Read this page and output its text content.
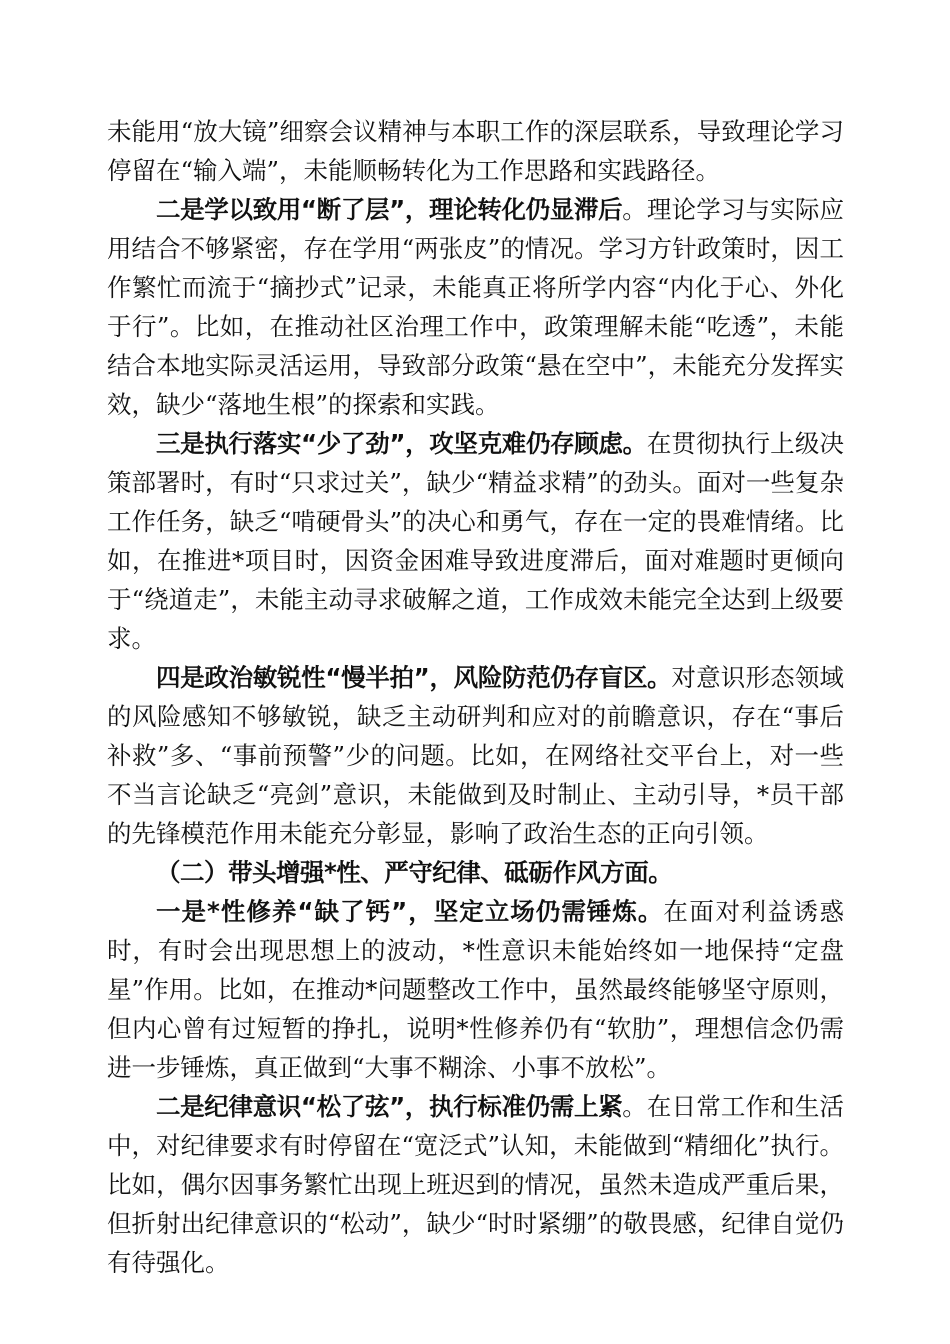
未能用“放大镜”细察会议精神与本职工作的深层联系，导致理论学习停留在“输入端”，未能顺畅转化为工作思路和实践路径。

二是学以致用“断了层”，理论转化仍显滞后。理论学习与实际应用结合不够紧密，存在学用“两张皮”的情况。学习方针政策时，因工作繁忙而流于“摘抄式”记录，未能真正将所学内容“内化于心、外化于行”。比如，在推动社区治理工作中，政策理解未能“吃透”，未能结合本地实际灵活运用，导致部分政策“悬在空中”，未能充分发挥实效，缺少“落地生根”的探索和实践。

三是执行落实“少了劲”，攻坚克难仍存顾虑。在贯彻执行上级决策部署时，有时“只求过关”，缺少“精益求精”的劲头。面对一些复杂工作任务，缺乏“啃硬骨头”的决心和勇气，存在一定的畏难情绪。比如，在推进*项目时，因资金困难导致进度滞后，面对难题时更倾向于“绕道走”，未能主动寻求破解之道，工作成效未能完全达到上级要求。

四是政治敏锐性“慢半拍”，风险防范仍存盲区。对意识形态领域的风险感知不够敏锐，缺乏主动研判和应对的前瞻意识，存在“事后补救”多、“事前预警”少的问题。比如，在网络社交平台上，对一些不当言论缺乏“亮剑”意识，未能做到及时制止、主动引导，*员干部的先锋模范作用未能充分彰显，影响了政治生态的正向引领。

（二）带头增强*性、严守纪律、砥砺作风方面。

一是*性修养“缺了钙”，坚定立场仍需锤炼。在面对利益诱惑时，有时会出现思想上的波动，*性意识未能始终如一地保持“定盘星”作用。比如，在推动*问题整改工作中，虽然最终能够坚守原则，但内心曾有过短暂的挣扎，说明*性修养仍有“软肋”，理想信念仍需进一步锤炼，真正做到“大事不糊涂、小事不放松”。

二是纪律意识“松了弦”，执行标准仍需上紧。在日常工作和生活中，对纪律要求有时停留在“宽泛式”认知，未能做到“精细化”执行。比如，偶尔因事务繁忙出现上班迟到的情况，虽然未造成严重后果，但折射出纪律意识的“松动”，缺少“时时紧绷”的敬畏感，纪律自觉仍有待强化。
